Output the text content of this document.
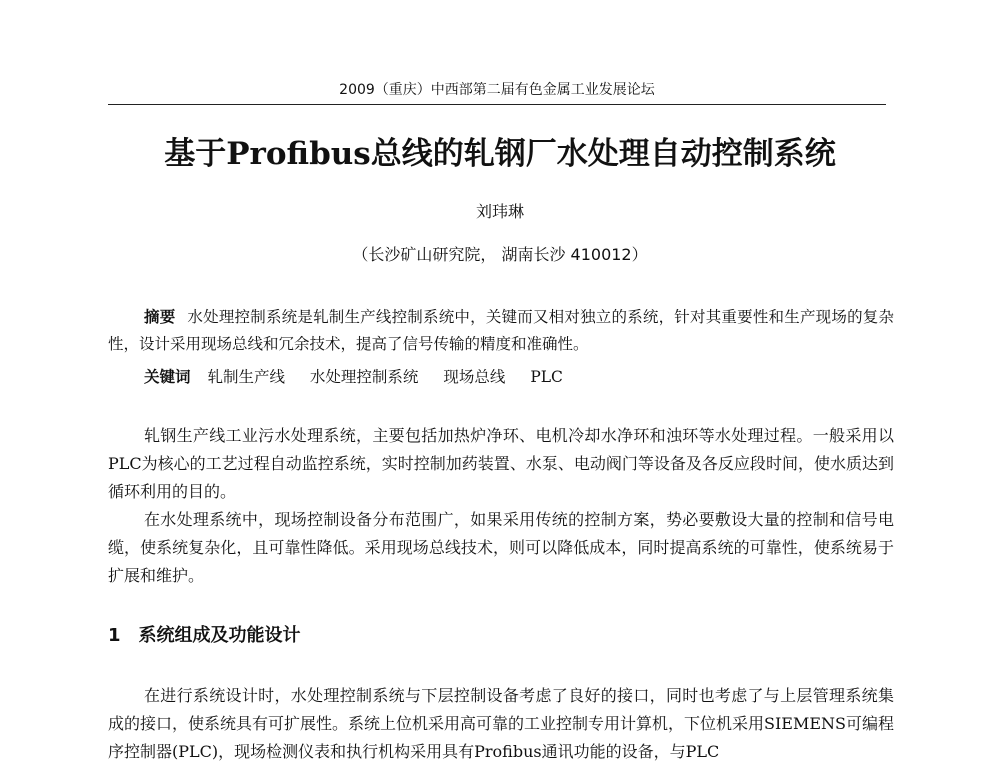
2009（重庆）中西部第二届有色金属工业发展论坛
基于Profibus总线的轧钢厂水处理自动控制系统
刘玮琳
（长沙矿山研究院， 湖南长沙 410012）
摘要 水处理控制系统是轧制生产线控制系统中，关键而又相对独立的系统，针对其重要性和生产现场的复杂性，设计采用现场总线和冗余技术，提高了信号传输的精度和准确性。
关键词 轧制生产线 水处理控制系统 现场总线 PLC
轧钢生产线工业污水处理系统，主要包括加热炉净环、电机冷却水净环和浊环等水处理过程。一般采用以PLC为核心的工艺过程自动监控系统，实时控制加药装置、水泵、电动阀门等设备及各反应段时间，使水质达到循环利用的目的。
在水处理系统中，现场控制设备分布范围广，如果采用传统的控制方案，势必要敷设大量的控制和信号电缆，使系统复杂化，且可靠性降低。采用现场总线技术，则可以降低成本，同时提高系统的可靠性，使系统易于扩展和维护。
1 系统组成及功能设计
在进行系统设计时，水处理控制系统与下层控制设备考虑了良好的接口，同时也考虑了与上层管理系统集成的接口，使系统具有可扩展性。系统上位机采用高可靠的工业控制专用计算机，下位机采用SIEMENS可编程序控制器(PLC)，现场检测仪表和执行机构采用具有Profibus通讯功能的设备，与PLC
